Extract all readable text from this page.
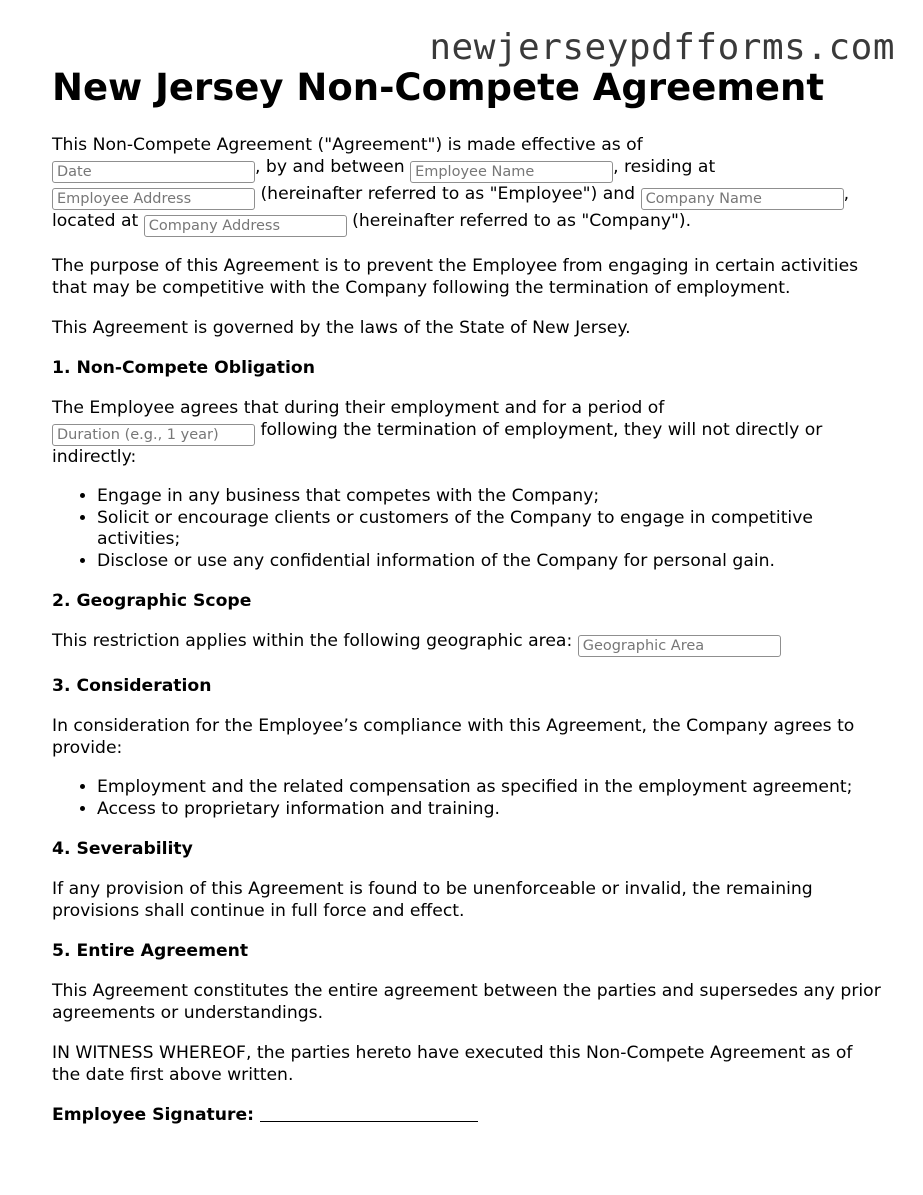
newjerseypdfforms.com
New Jersey Non-Compete Agreement

This Non-Compete Agreement ("Agreement") is made effective as of
Date, by and between Employee Name	, residing at
Employee Address (hereinafter referred to as "Employee") and Company Name	,
located at Company Address	(hereinafter referred to as "Company").

The purpose of this Agreement is to prevent the Employee from engaging in certain activities that may be competitive with the Company following the termination of employment.

This Agreement is governed by the laws of the State of New Jersey.

1. Non-Compete Obligation

The Employee agrees that during their employment and for a period of
Duration (e.g., 1 year) following the termination of employment, they will not directly or indirectly:

• Engage in any business that competes with the Company;
• Solicit or encourage clients or customers of the Company to engage in competitive activities;
• Disclose or use any confidential information of the Company for personal gain.
2. Geographic Scope

This restriction applies within the following geographic area: Geographic Area

3. Consideration

In consideration for the Employee’s compliance with this Agreement, the Company agrees to provide:

• Employment and the related compensation as specified in the employment agreement;
• Access to proprietary information and training.
4. Severability

If any provision of this Agreement is found to be unenforceable or invalid, the remaining provisions shall continue in full force and effect.

5. Entire Agreement

This Agreement constitutes the entire agreement between the parties and supersedes any prior agreements or understandings.

IN WITNESS WHEREOF, the parties hereto have executed this Non-Compete Agreement as of the date first above written.

Employee Signature:
